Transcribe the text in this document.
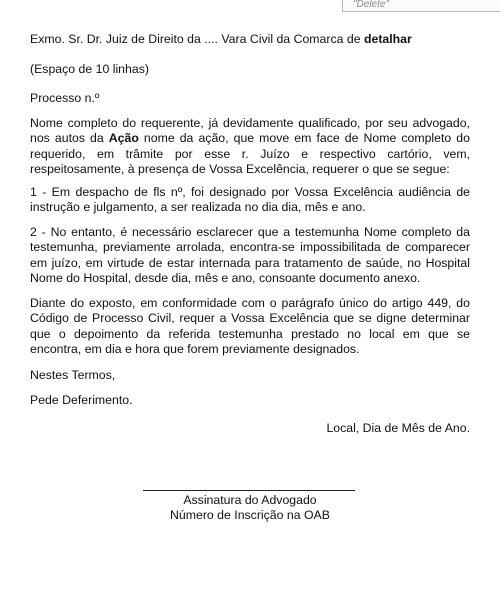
"Delete"
Exmo. Sr. Dr. Juiz de Direito da .... Vara Civil da Comarca de detalhar
(Espaço de 10 linhas)
Processo n.º
Nome completo do requerente, já devidamente qualificado, por seu advogado, nos autos da Ação nome da ação, que move em face de Nome completo do requerido, em trâmite por esse r. Juízo e respectivo cartório, vem, respeitosamente, à presença de Vossa Excelência, requerer o que se segue:
1 - Em despacho de fls nº, foi designado por Vossa Excelência audiência de instrução e julgamento, a ser realizada no dia dia, mês e ano.
2 - No entanto, é necessário esclarecer que a testemunha Nome completo da testemunha, previamente arrolada, encontra-se impossibilitada de comparecer em juízo, em virtude de estar internada para tratamento de saúde, no Hospital Nome do Hospital, desde dia, mês e ano, consoante documento anexo.
Diante do exposto, em conformidade com o parágrafo único do artigo 449, do Código de Processo Civil, requer a Vossa Excelência que se digne determinar que o depoimento da referida testemunha prestado no local em que se encontra, em dia e hora que forem previamente designados.
Nestes Termos,
Pede Deferimento.
Local, Dia de Mês de Ano.
Assinatura do Advogado
Número de Inscrição na OAB
